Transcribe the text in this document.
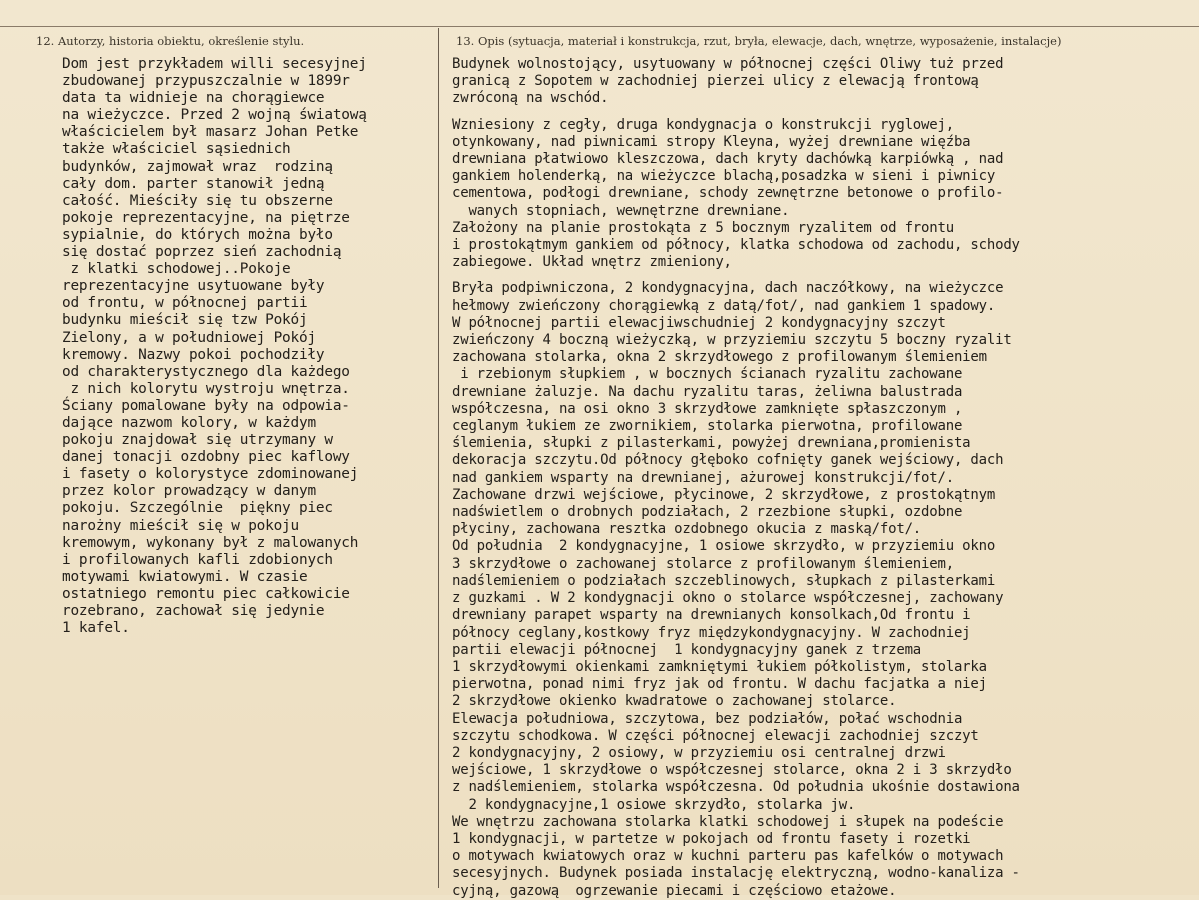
12. Autorzy, historia obiektu, określenie stylu.	13. Opis (sytuacja, materiał i konstrukcja, rzut, bryła, elewacje, dach, wnętrze, wyposażenie, instalacje)
Dom jest przykładem willi secesyjnej
zbudowanej przypuszczalnie w 1899r
data ta widnieje na chorągiewce
na wieżyczce. Przed 2 wojną światową
właścicielem był masarz Johan Petke
także właściciel sąsiednich
budynków, zajmował wraz  rodziną
cały dom. parter stanowił jedną
całość. Mieściły się tu obszerne
pokoje reprezentacyjne, na piętrze
sypialnie, do których można było
się dostać poprzez sień zachodnią
z klatki schodowej..Pokoje
reprezentacyjne usytuowane były
od frontu, w północnej partii
budynku mieścił się tzw Pokój
Zielony, a w południowej Pokój
kremowy. Nazwy pokoi pochodziły
od charakterystycznego dla każdego
z nich kolorytu wystroju wnętrza.
Ściany pomalowane były na odpowia-
dające nazwom kolory, w każdym
pokoju znajdował się utrzymany w
danej tonacji ozdobny piec kaflowy
i fasety o kolorystyce zdominowanej
przez kolor prowadzący w danym
pokoju. Szczególnie  piękny piec
narożny mieścił się w pokoju
kremowym, wykonany był z malowanych
i profilowanych kafli zdobionych
motywami kwiatowymi. W czasie
ostatniego remontu piec całkowicie
rozebrano, zachował się jedynie
1 kafel.
Budynek wolnostojący, usytuowany w północnej części Oliwy tuż przed
granicą z Sopotem w zachodniej pierzei ulicy z elewacją frontową
zwróconą na wschód.
Wzniesiony z cegły, druga kondygnacja o konstrukcji ryglowej,
otynkowany, nad piwnicami stropy Kleyna, wyżej drewniane więźba
drewniana płatwiowo kleszczowa, dach kryty dachówką karpiówką , nad
gankiem holenderką, na wieżyczce blachą,posadzka w sieni i piwnicy
cementowa, podłogi drewniane, schody zewnętrzne betonowe o profilo-
wanych stopniach, wewnętrzne drewniane.
Założony na planie prostokąta z 5 bocznym ryzalitem od frontu
i prostokątmym gankiem od północy, klatka schodowa od zachodu, schody
zabiegowe. Układ wnętrz zmieniony,
Bryła podpiwniczona, 2 kondygnacyjna, dach naczółkowy, na wieżyczce
hełmowy zwieńczony chorągiewką z datą/fot/, nad gankiem 1 spadowy.
W północnej partii elewacjiwschudniej 2 kondygnacyjny szczyt
zwieńczony 4 boczną wieżyczką, w przyziemiu szczytu 5 boczny ryzalit
zachowana stolarka, okna 2 skrzydłowego z profilowanym ślemieniem
i rzebionym słupkiem , w bocznych ścianach ryzalitu zachowane
drewniane żaluzje. Na dachu ryzalitu taras, żeliwna balustrada
współczesna, na osi okno 3 skrzydłowe zamknięte spłaszczonym ,
ceglanym łukiem ze zwornikiem, stolarka pierwotna, profilowane
ślemienia, słupki z pilasterkami, powyżej drewniana,promienista
dekoracja szczytu.Od północy głęboko cofnięty ganek wejściowy, dach
nad gankiem wsparty na drewnianej, ażurowej konstrukcji/fot/.
Zachowane drzwi wejściowe, płycinowe, 2 skrzydłowe, z prostokątnym
nadświetlem o drobnych podziałach, 2 rzezbione słupki, ozdobne
płyciny, zachowana resztka ozdobnego okucia z maską/fot/.
Od południa  2 kondygnacyjne, 1 osiowe skrzydło, w przyziemiu okno
3 skrzydłowe o zachowanej stolarce z profilowanym ślemieniem,
nadślemieniem o podziałach szczeblinowych, słupkach z pilasterkami
z guzkami . W 2 kondygnacji okno o stolarce współczesnej, zachowany
drewniany parapet wsparty na drewnianych konsolkach,Od frontu i
północy ceglany,kostkowy fryz międzykondygnacyjny. W zachodniej
partii elewacji północnej  1 kondygnacyjny ganek z trzema
1 skrzydłowymi okienkami zamkniętymi łukiem półkolistym, stolarka
pierwotna, ponad nimi fryz jak od frontu. W dachu facjatka a niej
2 skrzydłowe okienko kwadratowe o zachowanej stolarce.
Elewacja południowa, szczytowa, bez podziałów, połać wschodnia
szczytu schodkowa. W części północnej elewacji zachodniej szczyt
2 kondygnacyjny, 2 osiowy, w przyziemiu osi centralnej drzwi
wejściowe, 1 skrzydłowe o współczesnej stolarce, okna 2 i 3 skrzydło
z nadślemieniem, stolarka współczesna. Od południa ukośnie dostawiona
2 kondygnacyjne,1 osiowe skrzydło, stolarka jw.
We wnętrzu zachowana stolarka klatki schodowej i słupek na podeście
1 kondygnacji, w partetze w pokojach od frontu fasety i rozetki
o motywach kwiatowych oraz w kuchni parteru pas kafelków o motywach
secesyjnych. Budynek posiada instalację elektryczną, wodno-kanaliza -
cyjną, gazową  ogrzewanie piecami i częściowo etażowe.
